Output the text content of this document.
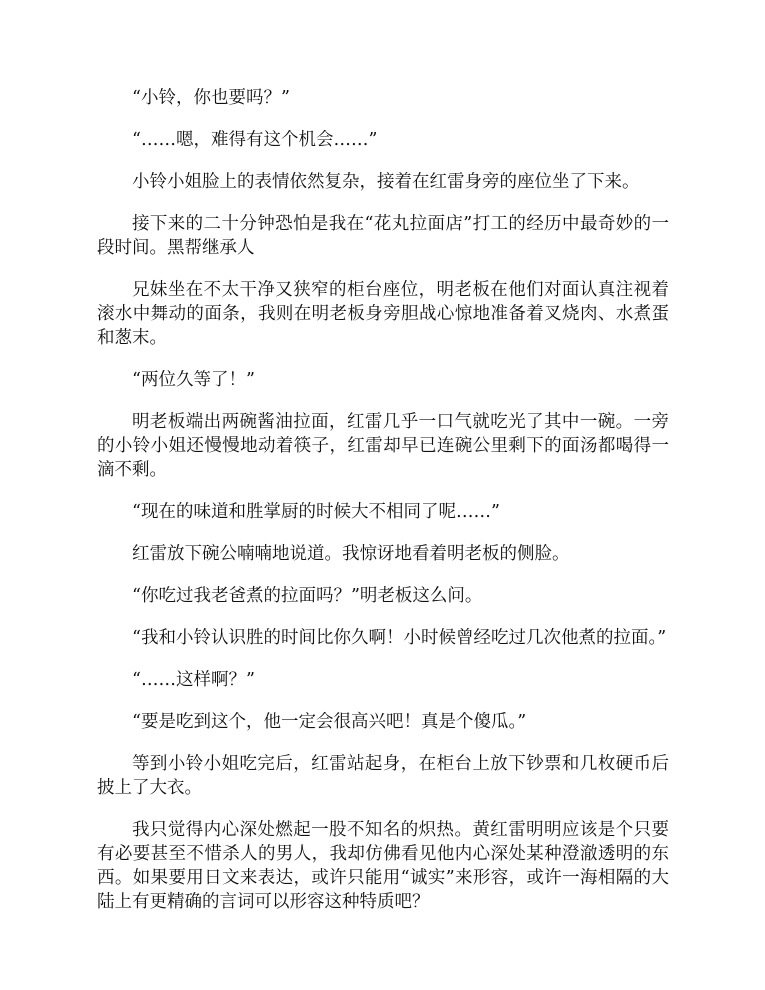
“小铃，你也要吗？”

“……嗯，难得有这个机会……”

小铃小姐脸上的表情依然复杂，接着在红雷身旁的座位坐了下来。

接下来的二十分钟恐怕是我在“花丸拉面店”打工的经历中最奇妙的一段时间。黑帮继承人

兄妹坐在不太干净又狭窄的柜台座位，明老板在他们对面认真注视着滚水中舞动的面条，我则在明老板身旁胆战心惊地准备着叉烧肉、水煮蛋和葱末。

“两位久等了！”

明老板端出两碗酱油拉面，红雷几乎一口气就吃光了其中一碗。一旁的小铃小姐还慢慢地动着筷子，红雷却早已连碗公里剩下的面汤都喝得一滴不剩。

“现在的味道和胜掌厨的时候大不相同了呢……”

红雷放下碗公喃喃地说道。我惊讶地看着明老板的侧脸。

“你吃过我老爸煮的拉面吗？”明老板这么问。

“我和小铃认识胜的时间比你久啊！小时候曾经吃过几次他煮的拉面。”

“……这样啊？”

“要是吃到这个，他一定会很高兴吧！真是个傻瓜。”

等到小铃小姐吃完后，红雷站起身，在柜台上放下钞票和几枚硬币后披上了大衣。

我只觉得内心深处燃起一股不知名的炽热。黄红雷明明应该是个只要有必要甚至不惜杀人的男人，我却仿佛看见他内心深处某种澄澈透明的东西。如果要用日文来表达，或许只能用“诚实”来形容，或许一海相隔的大陆上有更精确的言词可以形容这种特质吧？
